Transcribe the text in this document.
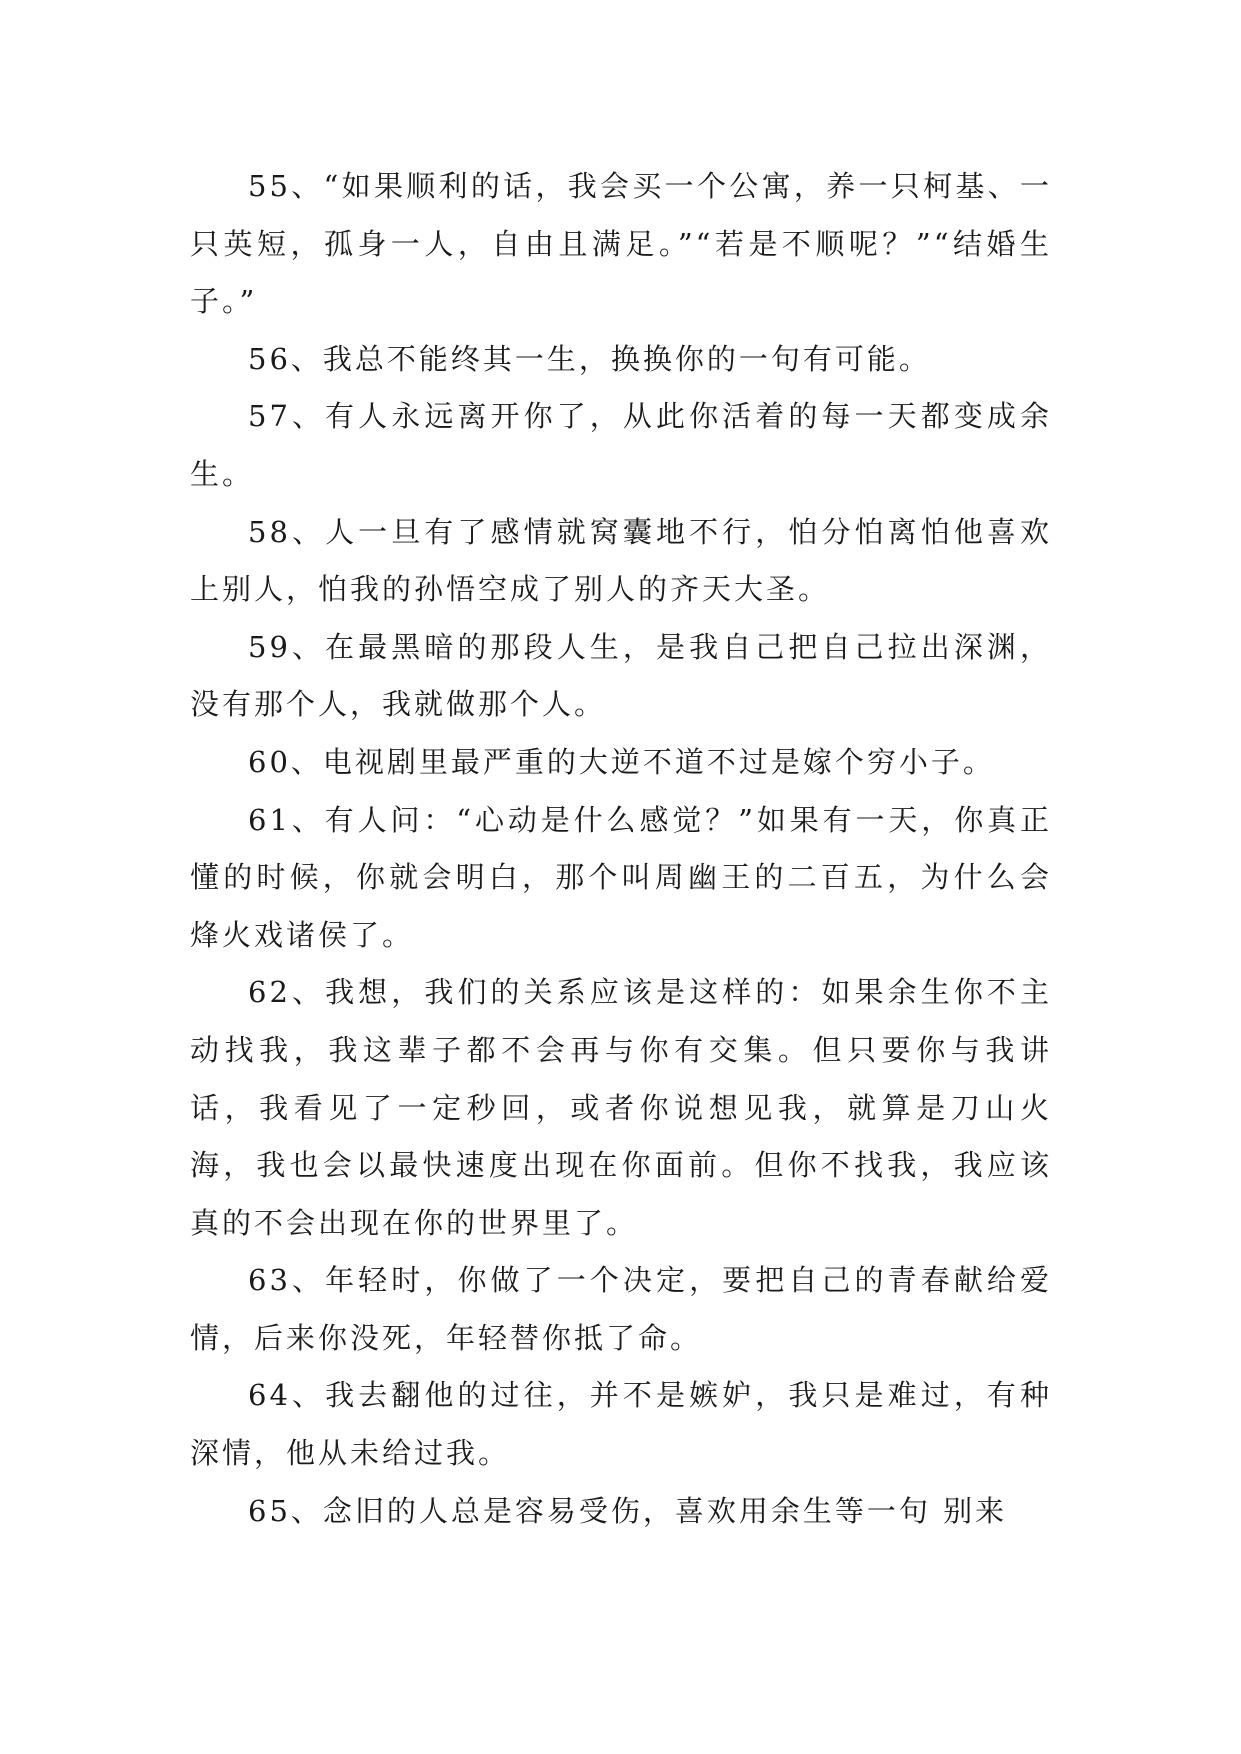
55、“如果顺利的话，我会买一个公寓，养一只柯基、一只英短，孤身一人，自由且满足。”“若是不顺呢？”“结婚生子。”

56、我总不能终其一生，换换你的一句有可能。

57、有人永远离开你了，从此你活着的每一天都变成余生。

58、人一旦有了感情就窝囊地不行，怕分怕离怕他喜欢上别人，怕我的孙悟空成了别人的齐天大圣。

59、在最黑暗的那段人生，是我自己把自己拉出深渊，没有那个人，我就做那个人。

60、电视剧里最严重的大逆不道不过是嫁个穷小子。

61、有人问：“心动是什么感觉？”如果有一天，你真正懂的时候，你就会明白，那个叫周幽王的二百五，为什么会烽火戏诸侯了。

62、我想，我们的关系应该是这样的：如果余生你不主动找我，我这辈子都不会再与你有交集。但只要你与我讲话，我看见了一定秒回，或者你说想见我，就算是刀山火海，我也会以最快速度出现在你面前。但你不找我，我应该真的不会出现在你的世界里了。

63、年轻时，你做了一个决定，要把自己的青春献给爱情，后来你没死，年轻替你抵了命。

64、我去翻他的过往，并不是嫉妒，我只是难过，有种深情，他从未给过我。

65、念旧的人总是容易受伤，喜欢用余生等一句 别来
